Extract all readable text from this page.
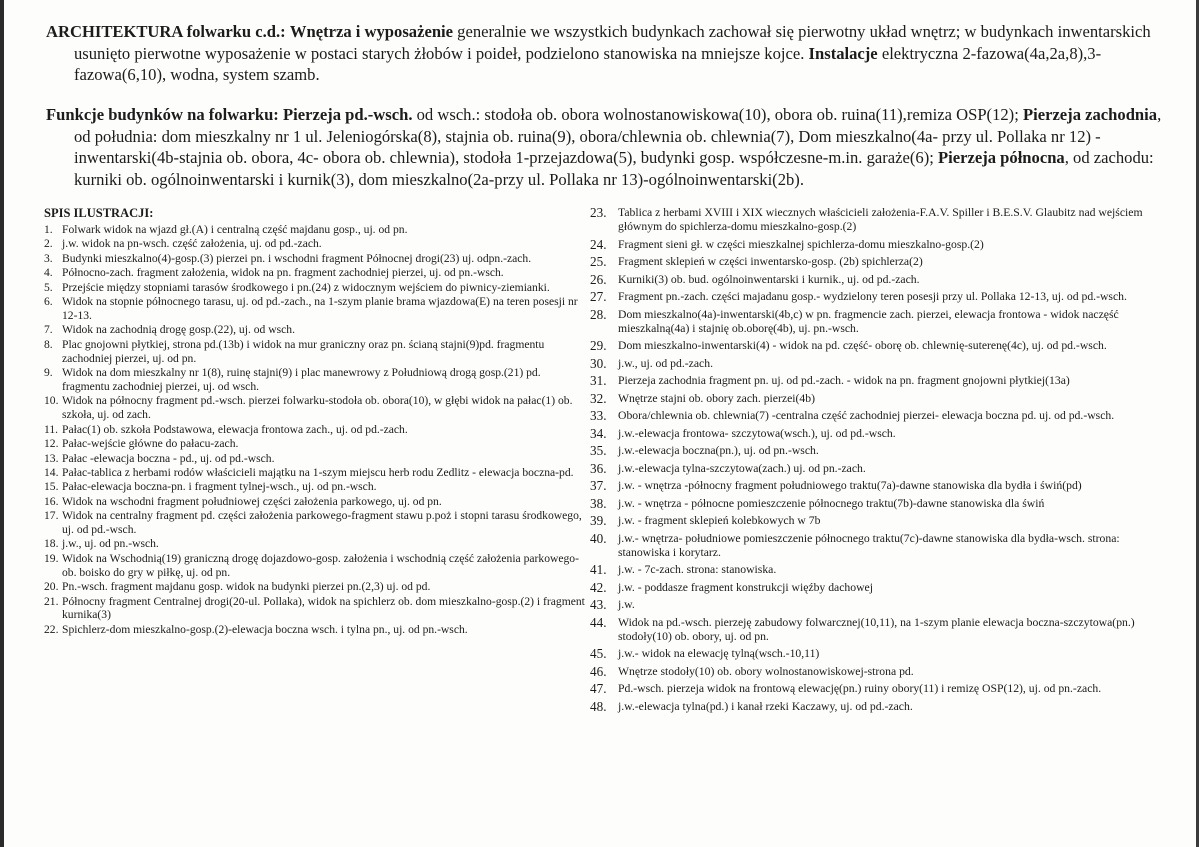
ARCHITEKTURA folwarku c.d.: Wnętrza i wyposażenie generalnie we wszystkich budynkach zachował się pierwotny układ wnętrz; w budynkach inwentarskich usunięto pierwotne wyposażenie w postaci starych żłobów i poideł, podzielono stanowiska na mniejsze kojce. Instalacje elektryczna 2-fazowa(4a,2a,8),3-fazowa(6,10), wodna, system szamb.
Funkcje budynków na folwarku: Pierzeja pd.-wsch. od wsch.: stodoła ob. obora wolnostanowiskowa(10), obora ob. ruina(11),remiza OSP(12); Pierzeja zachodnia, od południa: dom mieszkalny nr 1 ul. Jeleniogórska(8), stajnia ob. ruina(9), obora/chlewnia ob. chlewnia(7), Dom mieszkalno(4a- przy ul. Pollaka nr 12) - inwentarski(4b-stajnia ob. obora, 4c- obora ob. chlewnia), stodoła 1-przejazdowa(5), budynki gosp. współczesne-m.in. garaże(6); Pierzeja północna, od zachodu: kurniki ob. ogólnoinwentarski i kurnik(3), dom mieszkalno(2a-przy ul. Pollaka nr 13)-ogólnoinwentarski(2b).
SPIS ILUSTRACJI:
1. Folwark widok na wjazd gł.(A) i centralną część majdanu gosp., uj. od pn.
2. j.w. widok na pn-wsch. część założenia, uj. od pd.-zach.
3. Budynki mieszkalno(4)-gosp.(3) pierzei pn. i wschodni fragment Północnej drogi(23) uj. odpn.-zach.
4. Północno-zach. fragment założenia, widok na pn. fragment zachodniej pierzei, uj. od pn.-wsch.
5. Przejście między stopniami tarasów środkowego i pn.(24) z widocznym wejściem do piwnicy-ziemianki.
6. Widok na stopnie północnego tarasu, uj. od pd.-zach., na 1-szym planie brama wjazdowa(E) na teren posesji nr 12-13.
7. Widok na zachodnią drogę gosp.(22), uj. od wsch.
8. Plac gnojowni płytkiej, strona pd.(13b) i widok na mur graniczny oraz pn. ścianą stajni(9)pd. fragmentu zachodniej pierzei, uj. od pn.
9. Widok na dom mieszkalny nr 1(8), ruinę stajni(9) i plac manewrowy z Południową drogą gosp.(21) pd. fragmentu zachodniej pierzei, uj. od wsch.
10. Widok na północny fragment pd.-wsch. pierzei folwarku-stodoła ob. obora(10), w głębi widok na pałac(1) ob. szkoła, uj. od zach.
11. Pałac(1) ob. szkoła Podstawowa, elewacja frontowa zach., uj. od pd.-zach.
12. Pałac-wejście główne do pałacu-zach.
13. Pałac -elewacja boczna - pd., uj. od pd.-wsch.
14. Pałac-tablica z herbami rodów właścicieli majątku na 1-szym miejscu herb rodu Zedlitz - elewacja boczna-pd.
15. Pałac-elewacja boczna-pn. i fragment tylnej-wsch., uj. od pn.-wsch.
16. Widok na wschodni fragment południowej części założenia parkowego, uj. od pn.
17. Widok na centralny fragment pd. części założenia parkowego-fragment stawu p.poż i stopni tarasu środkowego, uj. od pd.-wsch.
18. j.w., uj. od pn.-wsch.
19. Widok na Wschodnią(19) graniczną drogę dojazdowo-gosp. założenia i wschodnią część założenia parkowego-ob. boisko do gry w piłkę, uj. od pn.
20. Pn.-wsch. fragment majdanu gosp. widok na budynki pierzei pn.(2,3) uj. od pd.
21. Północny fragment Centralnej drogi(20-ul. Pollaka), widok na spichlerz ob. dom mieszkalno-gosp.(2) i fragment kurnika(3)
22. Spichlerz-dom mieszkalno-gosp.(2)-elewacja boczna wsch. i tylna pn., uj. od pn.-wsch.
23. Tablica z herbami XVIII i XIX wiecznych właścicieli założenia-F.A.V. Spiller i B.E.S.V. Glaubitz nad wejściem głównym do spichlerza-domu mieszkalno-gosp.(2)
24. Fragment sieni gł. w części mieszkalnej spichlerza-domu mieszkalno-gosp.(2)
25. Fragment sklepień w części inwentarsko-gosp. (2b) spichlerza(2)
26. Kurniki(3) ob. bud. ogólnoinwentarski i kurnik., uj. od pd.-zach.
27. Fragment pn.-zach. części majadanu gosp.- wydzielony teren posesji przy ul. Pollaka 12-13, uj. od pd.-wsch.
28. Dom mieszkalno(4a)-inwentarski(4b,c) w pn. fragmencie zach. pierzei, elewacja frontowa - widok naczęść mieszkalną(4a) i stajnię ob.oborę(4b), uj. pn.-wsch.
29. Dom mieszkalno-inwentarski(4) - widok na pd. część- oborę ob. chlewnię-suterenę(4c), uj. od pd.-wsch.
30. j.w., uj. od pd.-zach.
31. Pierzeja zachodnia fragment pn. uj. od pd.-zach. - widok na pn. fragment gnojowni płytkiej(13a)
32. Wnętrze stajni ob. obory zach. pierzei(4b)
33. Obora/chlewnia ob. chlewnia(7) -centralna część zachodniej pierzei- elewacja boczna pd. uj. od pd.-wsch.
34. j.w.-elewacja frontowa- szczytowa(wsch.), uj. od pd.-wsch.
35. j.w.-elewacja boczna(pn.), uj. od pn.-wsch.
36. j.w.-elewacja tylna-szczytowa(zach.) uj. od pn.-zach.
37. j.w. - wnętrza -północny fragment południowego traktu(7a)-dawne stanowiska dla bydła i świń(pd)
38. j.w. - wnętrza - północne pomieszczenie północnego traktu(7b)-dawne stanowiska dla świń
39. j.w. - fragment sklepień kolebkowych w 7b
40. j.w.- wnętrza- południowe pomieszczenie północnego traktu(7c)-dawne stanowiska dla bydła-wsch. strona: stanowiska i korytarz.
41. j.w. - 7c-zach. strona: stanowiska.
42. j.w. - poddasze fragment konstrukcji więźby dachowej
43. j.w.
44. Widok na pd.-wsch. pierzeję zabudowy folwarcznej(10,11), na 1-szym planie elewacja boczna-szczytowa(pn.) stodoły(10) ob. obory, uj. od pn.
45. j.w.- widok na elewację tylną(wsch.-10,11)
46. Wnętrze stodoły(10) ob. obory wolnostanowiskowej-strona pd.
47. Pd.-wsch. pierzeja widok na frontową elewację(pn.) ruiny obory(11) i remizę OSP(12), uj. od pn.-zach.
48. j.w.-elewacja tylna(pd.) i kanał rzeki Kaczawy, uj. od pd.-zach.
